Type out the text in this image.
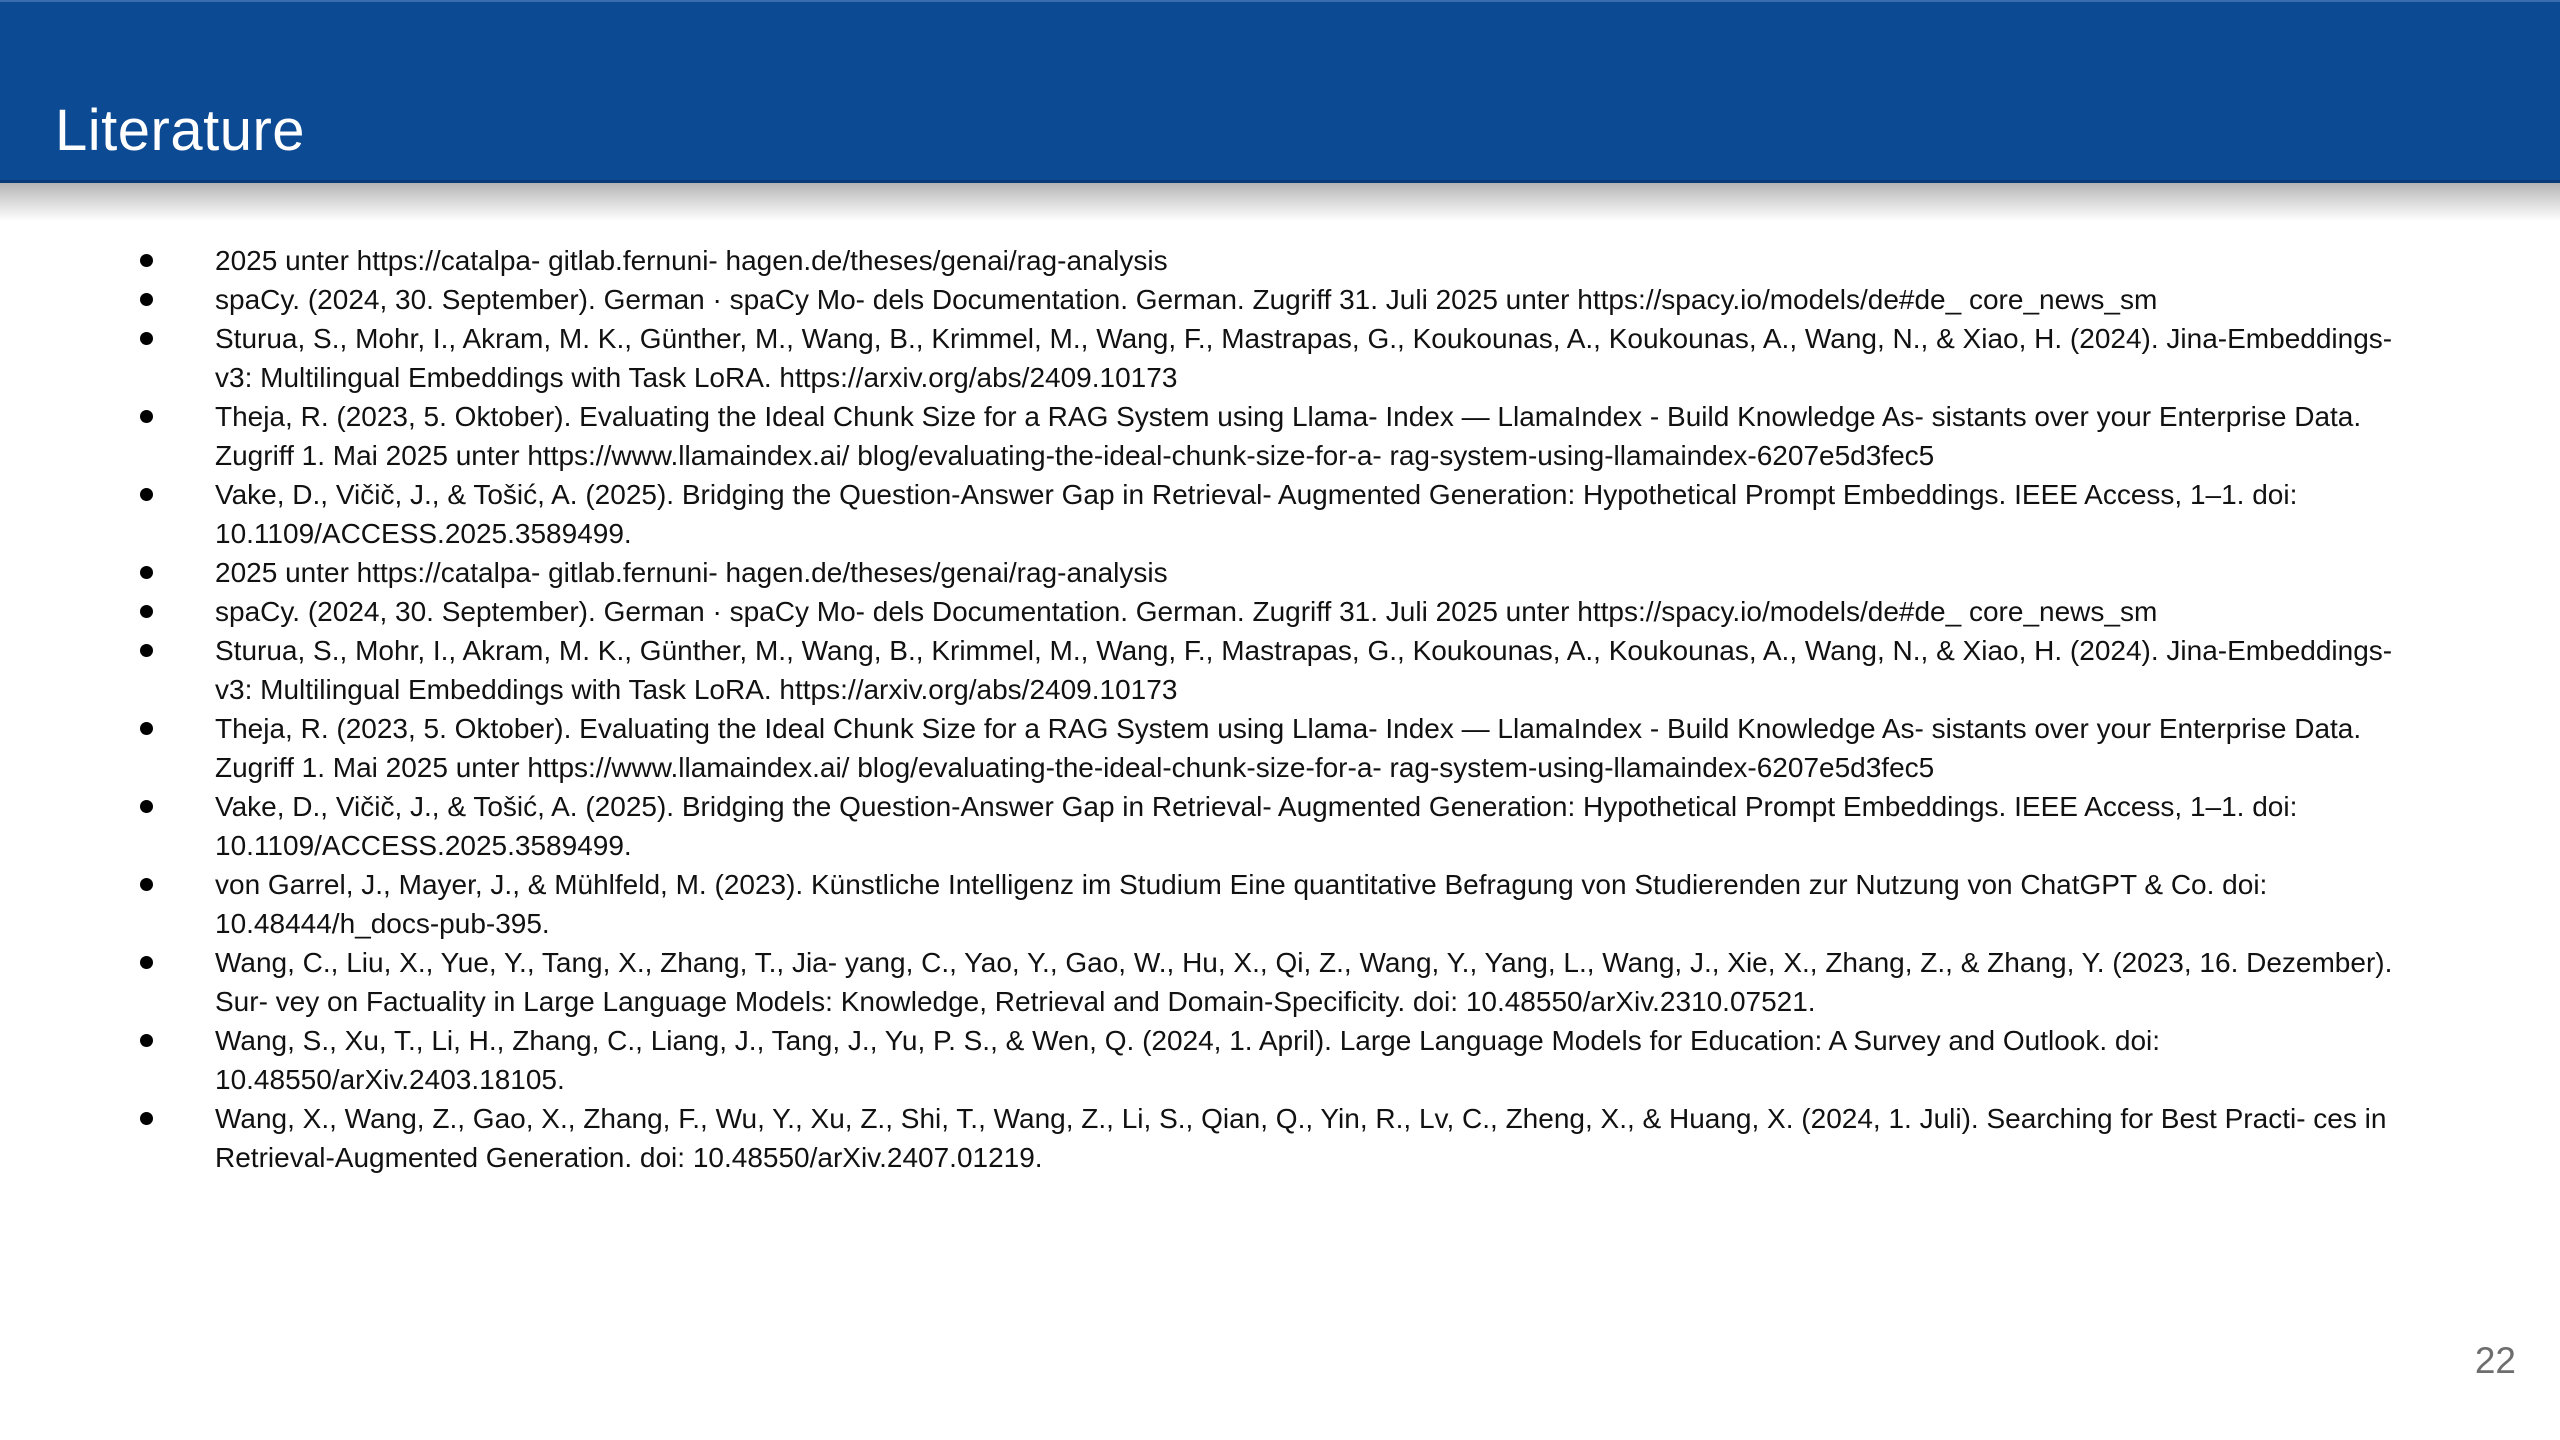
Literature
2025 unter https://catalpa- gitlab.fernuni- hagen.de/theses/genai/rag-analysis
spaCy. (2024, 30. September). German · spaCy Mo- dels Documentation. German. Zugriff 31. Juli 2025 unter https://spacy.io/models/de#de_ core_news_sm
Sturua, S., Mohr, I., Akram, M. K., Günther, M., Wang, B., Krimmel, M., Wang, F., Mastrapas, G., Koukounas, A., Koukounas, A., Wang, N., & Xiao, H. (2024). Jina-Embeddings-v3: Multilingual Embeddings with Task LoRA. https://arxiv.org/abs/2409.10173
Theja, R. (2023, 5. Oktober). Evaluating the Ideal Chunk Size for a RAG System using Llama- Index — LlamaIndex - Build Knowledge As- sistants over your Enterprise Data. Zugriff 1. Mai 2025 unter https://www.llamaindex.ai/ blog/evaluating-the-ideal-chunk-size-for-a- rag-system-using-llamaindex-6207e5d3fec5
Vake, D., Vičič, J., & Tošić, A. (2025). Bridging the Question-Answer Gap in Retrieval- Augmented Generation: Hypothetical Prompt Embeddings. IEEE Access, 1–1. doi: 10.1109/ACCESS.2025.3589499.
2025 unter https://catalpa- gitlab.fernuni- hagen.de/theses/genai/rag-analysis
spaCy. (2024, 30. September). German · spaCy Mo- dels Documentation. German. Zugriff 31. Juli 2025 unter https://spacy.io/models/de#de_ core_news_sm
Sturua, S., Mohr, I., Akram, M. K., Günther, M., Wang, B., Krimmel, M., Wang, F., Mastrapas, G., Koukounas, A., Koukounas, A., Wang, N., & Xiao, H. (2024). Jina-Embeddings-v3: Multilingual Embeddings with Task LoRA. https://arxiv.org/abs/2409.10173
Theja, R. (2023, 5. Oktober). Evaluating the Ideal Chunk Size for a RAG System using Llama- Index — LlamaIndex - Build Knowledge As- sistants over your Enterprise Data. Zugriff 1. Mai 2025 unter https://www.llamaindex.ai/ blog/evaluating-the-ideal-chunk-size-for-a- rag-system-using-llamaindex-6207e5d3fec5
Vake, D., Vičič, J., & Tošić, A. (2025). Bridging the Question-Answer Gap in Retrieval- Augmented Generation: Hypothetical Prompt Embeddings. IEEE Access, 1–1. doi: 10.1109/ACCESS.2025.3589499.
von Garrel, J., Mayer, J., & Mühlfeld, M. (2023). Künstliche Intelligenz im Studium Eine quantitative Befragung von Studierenden zur Nutzung von ChatGPT & Co. doi: 10.48444/h_docs-pub-395.
Wang, C., Liu, X., Yue, Y., Tang, X., Zhang, T., Jia- yang, C., Yao, Y., Gao, W., Hu, X., Qi, Z., Wang, Y., Yang, L., Wang, J., Xie, X., Zhang, Z., & Zhang, Y. (2023, 16. Dezember). Sur- vey on Factuality in Large Language Models: Knowledge, Retrieval and Domain-Specificity. doi: 10.48550/arXiv.2310.07521.
Wang, S., Xu, T., Li, H., Zhang, C., Liang, J., Tang, J., Yu, P. S., & Wen, Q. (2024, 1. April). Large Language Models for Education: A Survey and Outlook. doi: 10.48550/arXiv.2403.18105.
Wang, X., Wang, Z., Gao, X., Zhang, F., Wu, Y., Xu, Z., Shi, T., Wang, Z., Li, S., Qian, Q., Yin, R., Lv, C., Zheng, X., & Huang, X. (2024, 1. Juli). Searching for Best Practi- ces in Retrieval-Augmented Generation. doi: 10.48550/arXiv.2407.01219.
22
